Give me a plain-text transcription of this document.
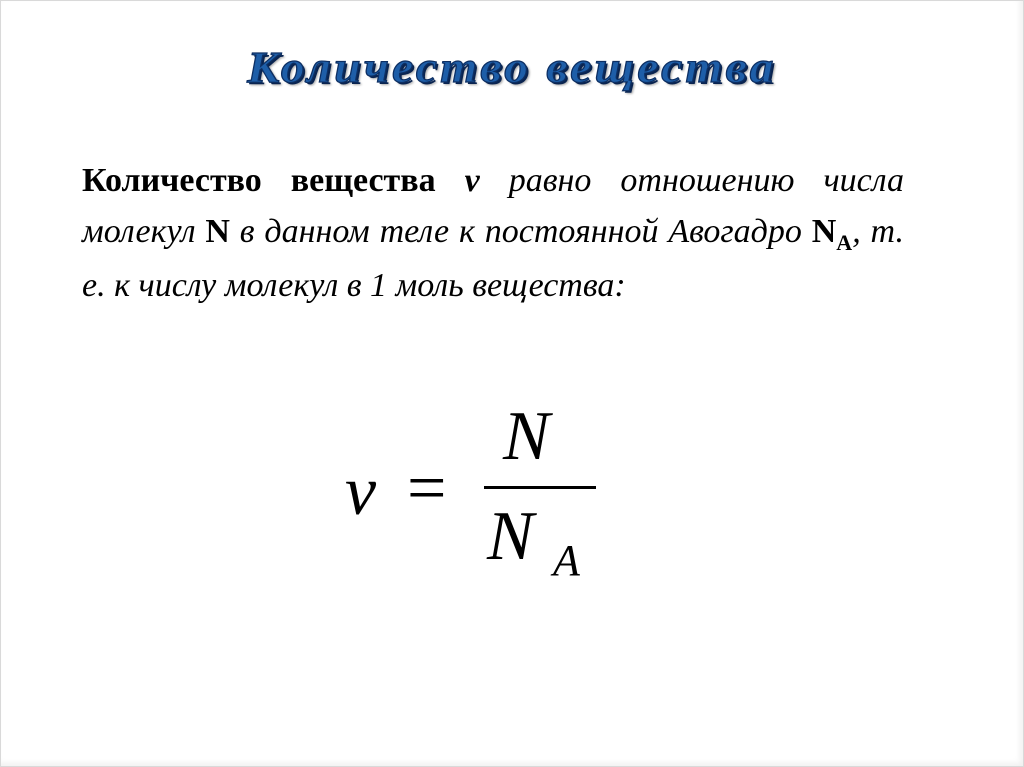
Количество вещества
Количество вещества ν равно отношению числа молекул N в данном теле к постоянной Авогадро $N_A$, т. е. к числу молекул в 1 моль вещества:
ν =
N
N A
